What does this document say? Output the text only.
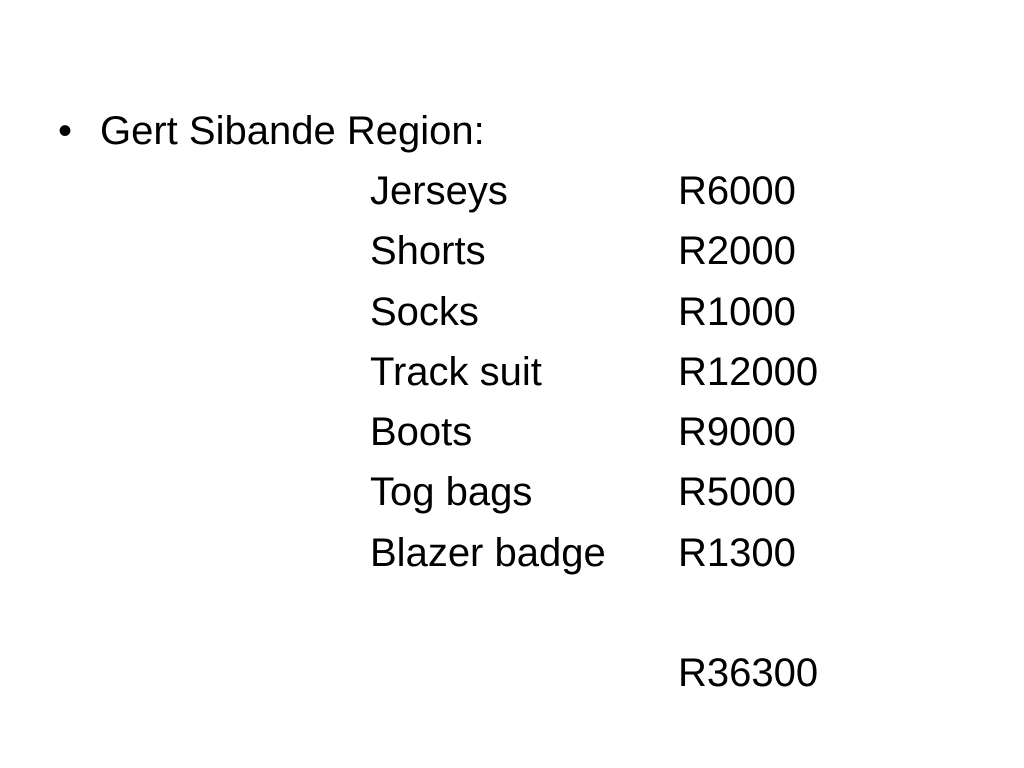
• Gert Sibande Region:
Jerseys	R6000
Shorts	R2000
Socks	R1000
Track suit	R12000
Boots	R9000
Tog bags	R5000
Blazer badge R1300
R36300
